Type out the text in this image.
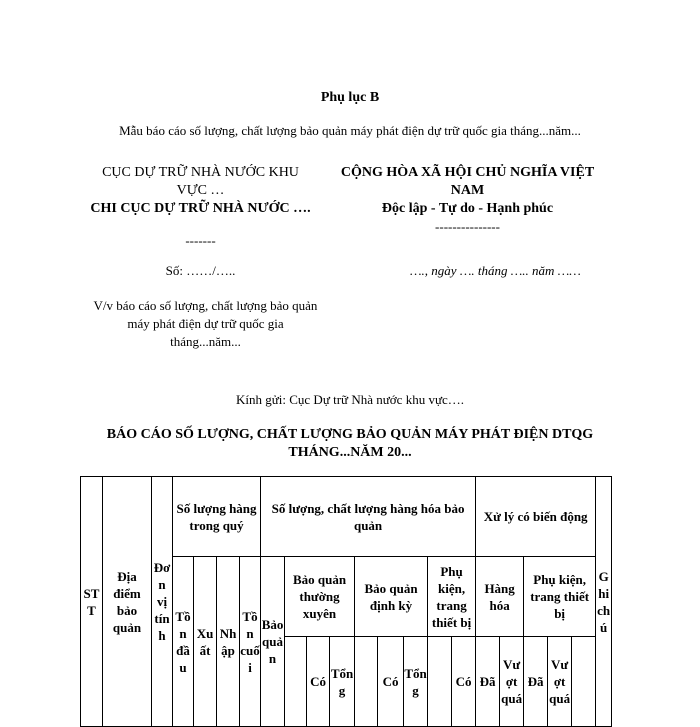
Phụ lục B
Mẫu báo cáo số lượng, chất lượng bảo quản máy phát điện dự trữ quốc gia tháng...năm...
CỤC DỰ TRỮ NHÀ NƯỚC KHU VỰC …
CHI CỤC DỰ TRỮ NHÀ NƯỚC ….
-------
Số: ……/…..
V/v báo cáo số lượng, chất lượng bảo quản máy phát điện dự trữ quốc gia tháng...năm...
CỘNG HÒA XÃ HỘI CHỦ NGHĨA VIỆT NAM
Độc lập - Tự do - Hạnh phúc
---------------
…., ngày …. tháng ….. năm ……
Kính gửi: Cục Dự trữ Nhà nước khu vực….
BÁO CÁO SỐ LƯỢNG, CHẤT LƯỢNG BẢO QUẢN MÁY PHÁT ĐIỆN DTQG THÁNG...NĂM 20...
STT	Địa điểm bảo quản	Đơn vị tính	Số lượng hàng trong quý				Số lượng, chất lượng hàng hóa bảo quản									Xử lý có biến động					Ghi chú
			Tồn đầu	Xuất	Nhập	Tồn cuối	Bảo quản	Bảo quản thường xuyên			Bảo quản định kỳ			Phụ kiện, trang thiết bị		Hàng hóa		Phụ kiện, trang thiết bị			
									Có	Tổng		Có	Tổng		Có	Đã	Vượt quá	Đã	Vượt quá		
